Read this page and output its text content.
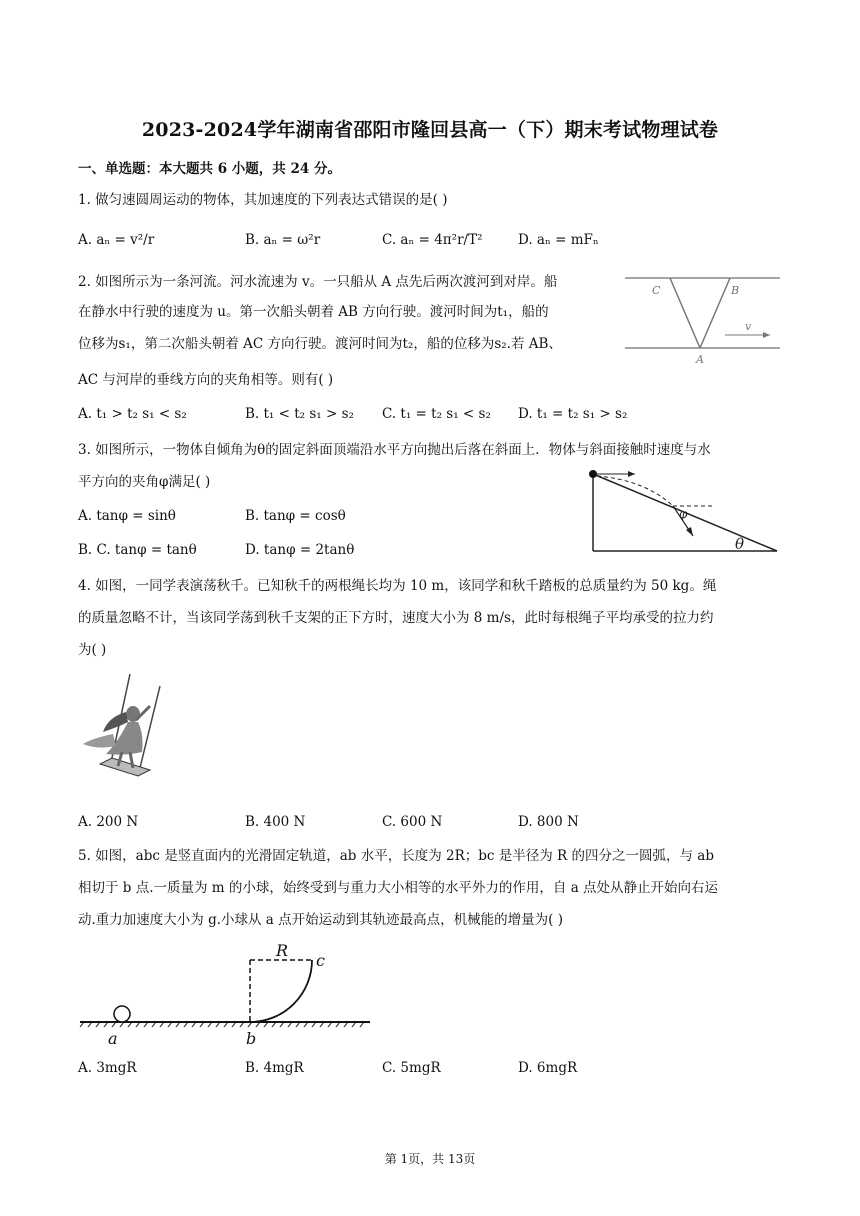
2023-2024学年湖南省邵阳市隆回县高一（下）期末考试物理试卷
一、单选题：本大题共 6 小题，共 24 分。
1. 做匀速圆周运动的物体，其加速度的下列表达式错误的是( )
A. aₙ = v²/r	B. aₙ = ω²r	C. aₙ = 4π²r/T²	D. aₙ = mFₙ
2. 如图所示为一条河流。河水流速为 v。一只船从 A 点先后两次渡河到对岸。船
在静水中行驶的速度为 u。第一次船头朝着 AB 方向行驶。渡河时间为t₁，船的
位移为s₁，第二次船头朝着 AC 方向行驶。渡河时间为t₂，船的位移为s₂.若 AB、
AC 与河岸的垂线方向的夹角相等。则有( )
A. t₁ > t₂ s₁ < s₂	B. t₁ < t₂ s₁ > s₂ C. t₁ = t₂ s₁ < s₂ D. t₁ = t₂ s₁ > s₂
C	B
A
v
3. 如图所示，一物体自倾角为θ的固定斜面顶端沿水平方向抛出后落在斜面上．物体与斜面接触时速度与水
平方向的夹角φ满足( )
A. tanφ = sinθ	B. tanφ = cosθ
B. C. tanφ = tanθ	D. tanφ = 2tanθ
φ
θ
4. 如图，一同学表演荡秋千。已知秋千的两根绳长均为 10 m，该同学和秋千踏板的总质量约为 50 kg。绳
的质量忽略不计，当该同学荡到秋千支架的正下方时，速度大小为 8 m/s，此时每根绳子平均承受的拉力约
为( )
A. 200 N	B. 400 N	C. 600 N	D. 800 N
5. 如图，abc 是竖直面内的光滑固定轨道，ab 水平，长度为 2R；bc 是半径为 R 的四分之一圆弧，与 ab
相切于 b 点.一质量为 m 的小球，始终受到与重力大小相等的水平外力的作用，自 a 点处从静止开始向右运
动.重力加速度大小为 g.小球从 a 点开始运动到其轨迹最高点，机械能的增量为( )
R
c
a	b
A. 3mgR	B. 4mgR	C. 5mgR	D. 6mgR
第 1页，共 13页
